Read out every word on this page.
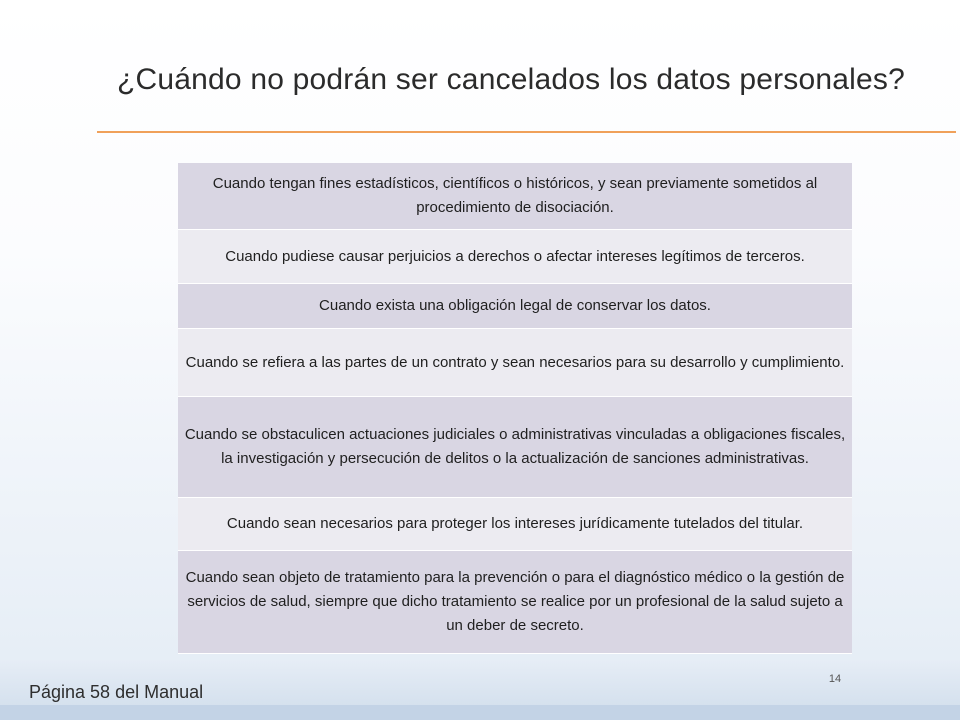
¿Cuándo no podrán ser cancelados los datos personales?
Cuando tengan fines estadísticos, científicos o históricos, y sean previamente sometidos al procedimiento de disociación.
Cuando pudiese causar perjuicios a derechos o afectar intereses legítimos de terceros.
Cuando exista una obligación legal de conservar los datos.
Cuando se refiera a las partes de un contrato y sean necesarios para su desarrollo y cumplimiento.
Cuando se obstaculicen actuaciones judiciales o administrativas vinculadas a obligaciones fiscales, la investigación y persecución de delitos o la actualización de sanciones administrativas.
Cuando sean necesarios para proteger los intereses jurídicamente tutelados del titular.
Cuando sean objeto de tratamiento para la prevención o para el diagnóstico médico o la gestión de servicios de salud, siempre que dicho tratamiento se realice por un profesional de la salud sujeto a un deber de secreto.
Página 58 del Manual
14
